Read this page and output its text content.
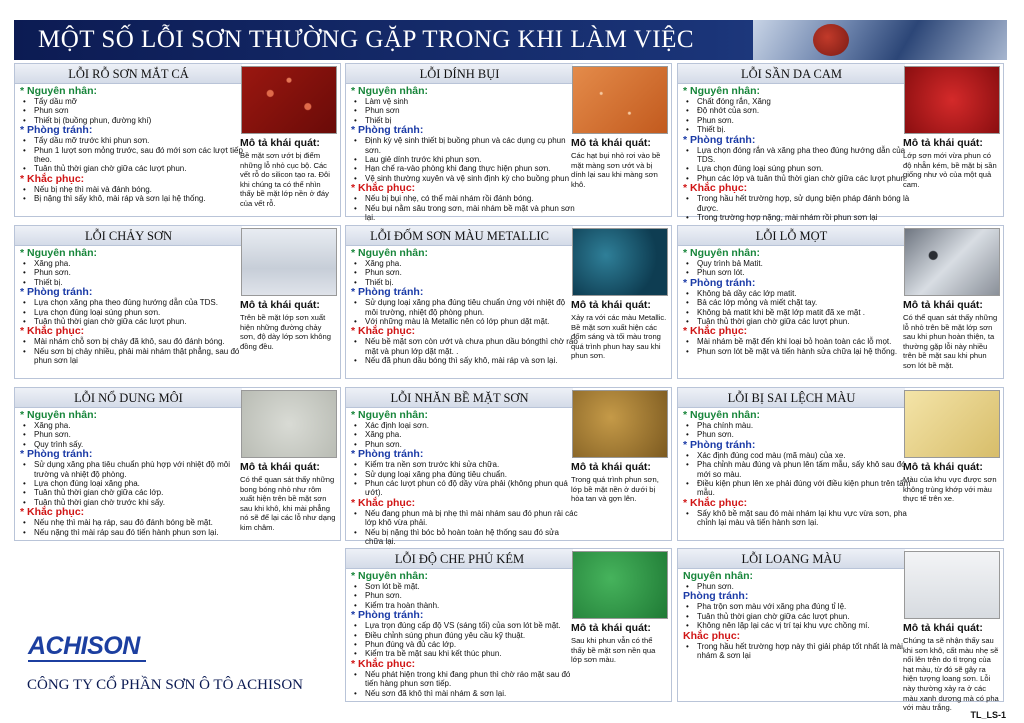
MỘT SỐ LỖI SƠN THƯỜNG GẶP TRONG KHI LÀM VIỆC
LỖI RỖ SƠN MẮT CÁ
* Nguyên nhân:
• Tẩy dầu mỡ
• Phun sơn
• Thiết bị (buồng phun, đường khí)
* Phòng tránh:
• Tẩy dầu mỡ trước khi phun sơn.
• Phun 1 lượt sơn mỏng trước, sau đó mới sơn các lượt tiếp theo.
• Tuân thủ thời gian chờ giữa các lượt phun.
* Khắc phục:
• Nếu bị nhẹ thì mài và đánh bóng.
• Bị nặng thì sấy khô, mài ráp và sơn lại hệ thống.
Mô tả khái quát:
Bề mặt sơn ướt bị điểm những lỗ nhỏ cục bộ. Các vết rỗ do silicon tạo ra. Đôi khi chúng ta có thể nhìn thấy bề mặt lớp nền ở đáy của vết rỗ.
LỖI DÍNH BỤI
* Nguyên nhân:
• Làm vệ sinh
• Phun sơn
• Thiết bị
* Phòng tránh:
• Định kỳ vệ sinh thiết bị buồng phun và các dụng cụ phun sơn.
• Lau giẻ dính trước khi phun sơn.
• Hạn chế ra-vào phòng khi đang thực hiện phun sơn.
• Vệ sinh thường xuyên và vệ sinh định kỳ cho buồng phun
* Khắc phục:
• Nếu bị bụi nhẹ, có thể mài nhám rồi đánh bóng.
• Nếu bụi nằm sâu trong sơn, mài nhám bề mặt và phun sơn lại.
Mô tả khái quát:
Các hạt bụi nhỏ rơi vào bề mặt màng sơn ướt và bị dính lại sau khi màng sơn khô.
LỖI SẦN DA CAM
* Nguyên nhân:
• Chất đóng rắn, Xăng
• Độ nhớt của sơn.
• Phun sơn.
• Thiết bị.
* Phòng tránh:
• Lựa chọn đóng rắn và xăng pha theo đúng hướng dẫn của TDS.
• Lựa chọn đúng loại súng phun sơn.
• Phun các lớp và tuân thủ thời gian chờ giữa các lượt phun.
* Khắc phục:
• Trong hầu hết trường hợp, sử dụng biện pháp đánh bóng là được.
• Trong trường hợp nặng, mài nhám rồi phun sơn lại
Mô tả khái quát:
Lớp sơn mới vừa phun có độ nhẵn kém, bề mặt bị sần giống như vỏ của một quả cam.
LỖI CHẢY SƠN
* Nguyên nhân:
• Xăng pha.
• Phun sơn.
• Thiết bị.
* Phòng tránh:
• Lựa chọn xăng pha theo đúng hướng dẫn của TDS.
• Lựa chọn đúng loại súng phun sơn.
• Tuân thủ thời gian chờ giữa các lượt phun.
* Khắc phục:
• Mài nhám chỗ sơn bị chảy đã khô, sau đó đánh bóng.
• Nếu sơn bị chảy nhiều, phải mài nhám thật phẳng, sau đó phun sơn lại
Mô tả khái quát:
Trên bề mặt lớp sơn xuất hiện những đường chảy sơn, độ dày lớp sơn không đồng đều.
LỖI ĐỐM SƠN MÀU METALLIC
* Nguyên nhân:
• Xăng pha.
• Phun sơn.
• Thiết bị.
* Phòng tránh:
• Sử dụng loại xăng pha đúng tiêu chuẩn ứng với nhiệt độ môi trường, nhiệt độ phòng phun.
• Với những màu là Metallic nên có lớp phun dặt mặt.
* Khắc phục:
• Nếu bề mặt sơn còn ướt và chưa phun dầu bóngthì chờ ráo mặt và phun lớp dặt mặt. .
• Nếu đã phun dầu bóng thì sấy khô, mài ráp và sơn lại.
Mô tả khái quát:
Xảy ra với các màu Metallic. Bề mặt sơn xuất hiện các đốm sáng và tối màu trong quá trình phun hay sau khi phun sơn.
LỖI LỖ MỌT
* Nguyên nhân:
• Quy trình bả Matit.
• Phun sơn lót.
* Phòng tránh:
• Không bả dầy các lớp matit.
• Bả các lớp mỏng và miết chặt tay.
• Không bả matit khi bề mặt lớp matit đã xe mặt .
• Tuân thủ thời gian chờ giữa các lượt phun.
* Khắc phục:
• Mài nhám bề mặt đến khi loại bỏ hoàn toàn các lỗ mọt.
• Phun sơn lót bề mặt và tiến hành sửa chữa lại hệ thống.
Mô tả khái quát:
Có thể quan sát thấy những lỗ nhỏ trên bề mặt lớp sơn sau khi phun hoàn thiện, ta thường gặp lỗi này nhiều trên bề mặt sau khi phun sơn lót bề mặt.
LỖI NỔ DUNG MÔI
* Nguyên nhân:
• Xăng pha.
• Phun sơn.
• Quy trình sấy.
* Phòng tránh:
• Sử dụng xăng pha tiêu chuẩn phù hợp với nhiệt độ môi trường và nhiệt độ phòng.
• Lựa chọn đúng loại xăng pha.
• Tuân thủ thời gian chờ giữa các lớp.
• Tuân thủ thời gian chờ trước khi sấy.
* Khắc phục:
• Nếu nhẹ thì mài hạ ráp, sau đó đánh bóng bề mặt.
• Nếu nặng thì mài ráp sau đó tiến hành phun sơn lại.
Mô tả khái quát:
Có thể quan sát thấy những bong bóng nhỏ như rôm xuất hiện trên bề mặt sơn sau khi khô, khi mài phẳng nó sẽ để lại các lỗ như dạng kim châm.
LỖI NHĂN BỀ MẶT SƠN
* Nguyên nhân:
• Xác định loại sơn.
• Xăng pha.
• Phun sơn.
* Phòng tránh:
• Kiểm tra nền sơn trước khi sửa chữa.
• Sử dụng loại xăng pha đúng tiêu chuẩn.
• Phun các lượt phun có độ dầy vừa phải (không phun quá ướt).
* Khắc phục:
• Nếu đang phun mà bị nhẹ thì mài nhám sau đó phun rải các lớp khô vừa phải.
• Nếu bị nặng thì bóc bỏ hoàn toàn hệ thống sau đó sửa chữa lại.
Mô tả khái quát:
Trong quá trình phun sơn, lớp bề mặt nền ở dưới bị hòa tan và gợn lên.
LỖI BỊ SAI LỆCH MÀU
* Nguyên nhân:
• Pha chính màu.
• Phun sơn.
* Phòng tránh:
• Xác định đúng cod màu (mã màu) của xe.
• Pha chỉnh màu đúng và phun lên tấm mẫu, sấy khô sau đó mới so màu.
• Điều kiện phun lên xe phải đúng với điều kiện phun trên tấm mẫu.
* Khắc phục:
• Sấy khô bề mặt sau đó mài nhám lại khu vực vừa sơn, pha chỉnh lại màu và tiến hành sơn lại.
Mô tả khái quát:
Màu của khu vực được sơn không trùng khớp với màu thực tế trên xe.
LỖI ĐỘ CHE PHỦ KÉM
* Nguyên nhân:
• Sơn lót bề mặt.
• Phun sơn.
• Kiểm tra hoàn thành.
* Phòng tránh:
• Lựa trọn đúng cấp độ VS (sáng tối) của sơn lót bề mặt.
• Điều chỉnh súng phun đúng yêu cầu kỹ thuật.
• Phun đúng và đủ các lớp.
• Kiểm tra bề mặt sau khi kết thúc phun.
* Khắc phục:
• Nếu phát hiện trong khi đang phun thì chờ ráo mặt sau đó tiến hàng phun sơn tiếp.
• Nếu sơn đã khô thì mài nhám & sơn lại.
Mô tả khái quát:
Sau khi phun vẫn có thể thấy bề mặt sơn nền qua lớp sơn màu.
LỖI LOANG MÀU
Nguyên nhân:
• Phun sơn.
Phòng tránh:
• Pha trộn sơn màu với xăng pha đúng tỉ lệ.
• Tuân thủ thời gian chờ giữa các lượt phun.
• Không nên lặp lại các vị trí tại khu vực chồng mí.
Khắc phục:
• Trong hầu hết trường hợp này thì giải pháp tốt nhất là mài nhám & sơn lại
Mô tả khái quát:
Chúng ta sẽ nhận thấy sau khi sơn khô, cất màu nhẹ sẽ nổi lên trên do tỉ trọng của hạt màu, từ đó sẽ gây ra hiện tượng loang sơn. Lỗi này thường xảy ra ở các màu xanh dương mà có pha với màu trắng.
ACHISON
CÔNG TY CỔ PHẦN SƠN Ô TÔ ACHISON
TL_LS-1
